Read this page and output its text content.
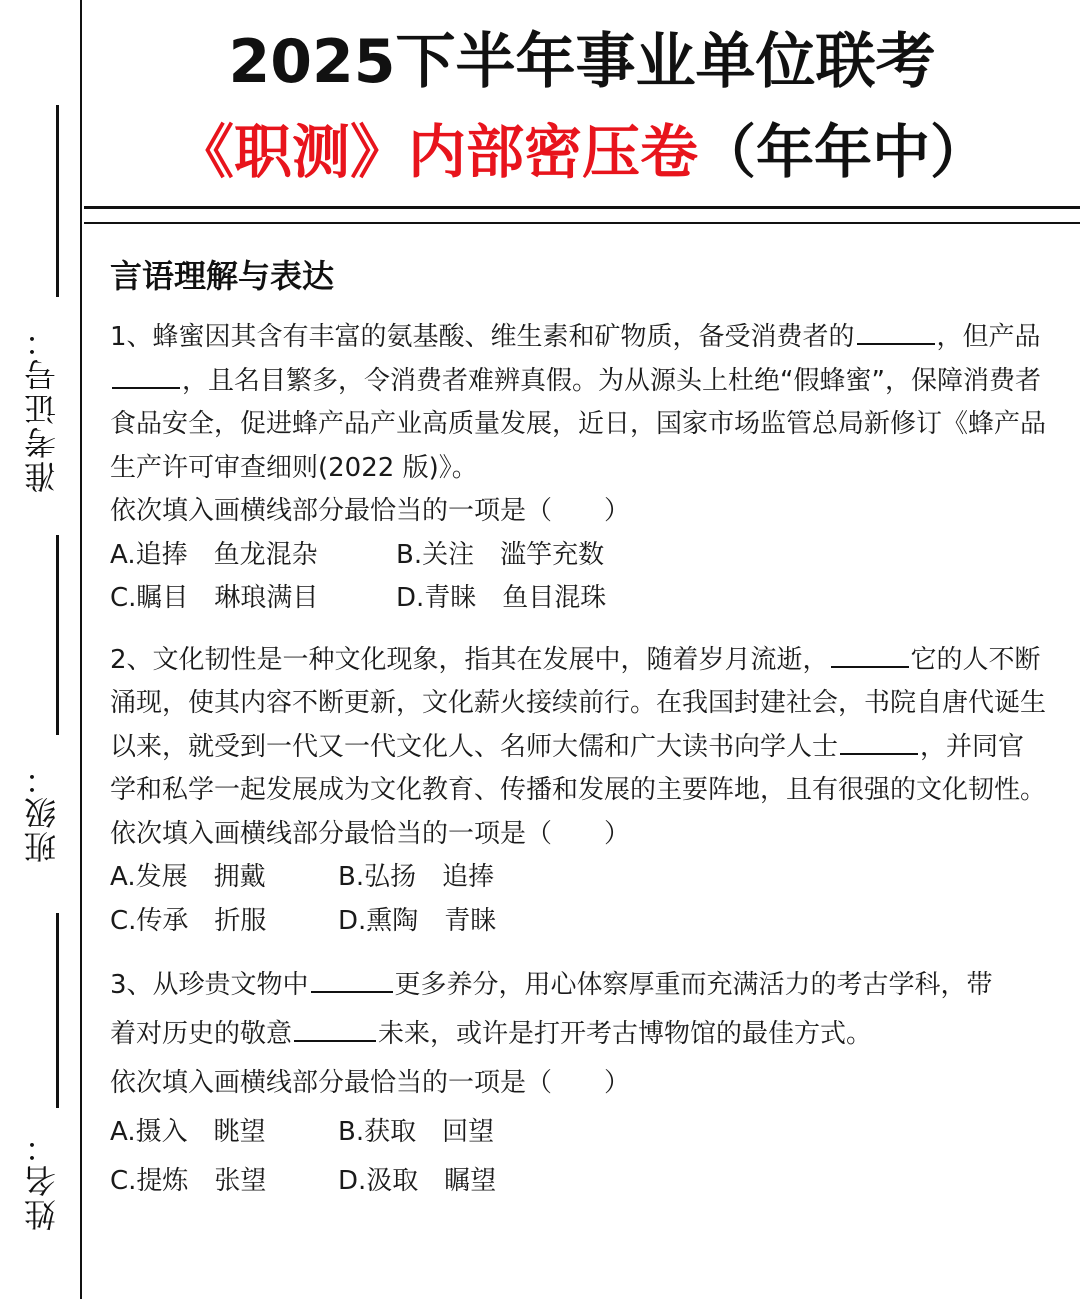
准考证号：
班级：
姓名：
2025下半年事业单位联考
《职测》内部密压卷（年年中）
言语理解与表达

1、蜂蜜因其含有丰富的氨基酸、维生素和矿物质，备受消费者的	，但产品，且名目繁多，令消费者难辨真假。为从源头上杜绝“假蜂蜜”，保障消费者食品安全，促进蜂产品产业高质量发展，近日，国家市场监管总局新修订《蜂产品生产许可审查细则(2022 版)》。

依次填入画横线部分最恰当的一项是（　　）

A.追捧　鱼龙混杂	B.关注　滥竽充数
C.瞩目　琳琅满目	D.青睐　鱼目混珠

2、文化韧性是一种文化现象，指其在发展中，随着岁月流逝，	它的人不断涌现，使其内容不断更新，文化薪火接续前行。在我国封建社会，书院自唐代诞生以来，就受到一代又一代文化人、名师大儒和广大读书向学人士	，并同官学和私学一起发展成为文化教育、传播和发展的主要阵地，且有很强的文化韧性。

依次填入画横线部分最恰当的一项是（　　）

A.发展　拥戴	B.弘扬　追捧
C.传承　折服	D.熏陶　青睐

3、从珍贵文物中	更多养分，用心体察厚重而充满活力的考古学科，带着对历史的敬意	未来，或许是打开考古博物馆的最佳方式。

依次填入画横线部分最恰当的一项是（　　）

A.摄入　眺望	B.获取　回望
C.提炼　张望	D.汲取　瞩望
